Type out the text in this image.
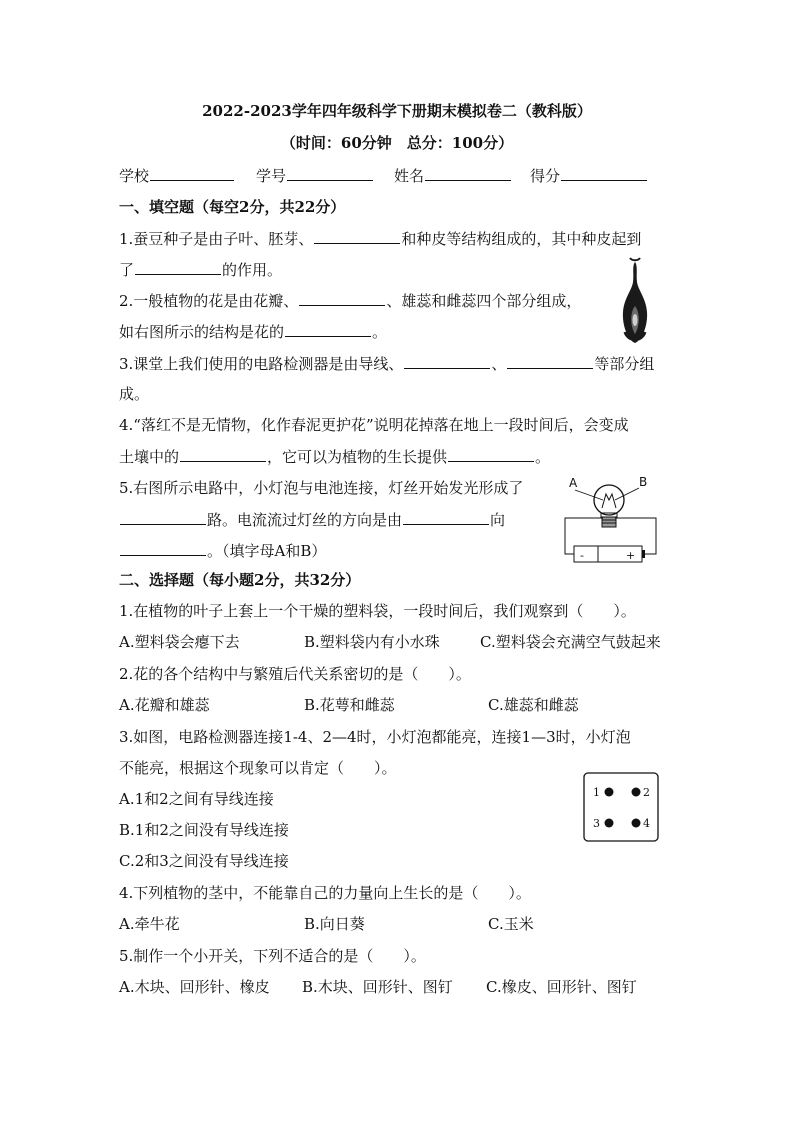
2022-2023学年四年级科学下册期末模拟卷二（教科版）
（时间：60分钟　总分：100分）
学校	学号	姓名	得分
一、填空题（每空2分，共22分）
1.蚕豆种子是由子叶、胚芽、	和种皮等结构组成的，其中种皮起到
了	的作用。
2.一般植物的花是由花瓣、	、雄蕊和雌蕊四个部分组成，
如右图所示的结构是花的	。
3.课堂上我们使用的电路检测器是由导线、	、	等部分组
成。
4.“落红不是无情物，化作春泥更护花”说明花掉落在地上一段时间后，会变成
土壤中的	，它可以为植物的生长提供	。
5.右图所示电路中，小灯泡与电池连接，灯丝开始发光形成了
路。电流流过灯丝的方向是由	向
。（填字母A和B）
A	B
-	+
二、选择题（每小题2分，共32分）
1.在植物的叶子上套上一个干燥的塑料袋，一段时间后，我们观察到（　　）。
A.塑料袋会瘪下去	B.塑料袋内有小水珠	C.塑料袋会充满空气鼓起来
2.花的各个结构中与繁殖后代关系密切的是（　　）。
A.花瓣和雄蕊	B.花萼和雌蕊	C.雄蕊和雌蕊
3.如图，电路检测器连接1-4、2—4时，小灯泡都能亮，连接1—3时，小灯泡
不能亮，根据这个现象可以肯定（　　）。
A.1和2之间有导线连接
B.1和2之间没有导线连接
C.2和3之间没有导线连接
1	2
3	4
4.下列植物的茎中，不能靠自己的力量向上生长的是（　　）。
A.牵牛花	B.向日葵	C.玉米
5.制作一个小开关，下列不适合的是（　　）。
A.木块、回形针、橡皮 B.木块、回形针、图钉 C.橡皮、回形针、图钉
